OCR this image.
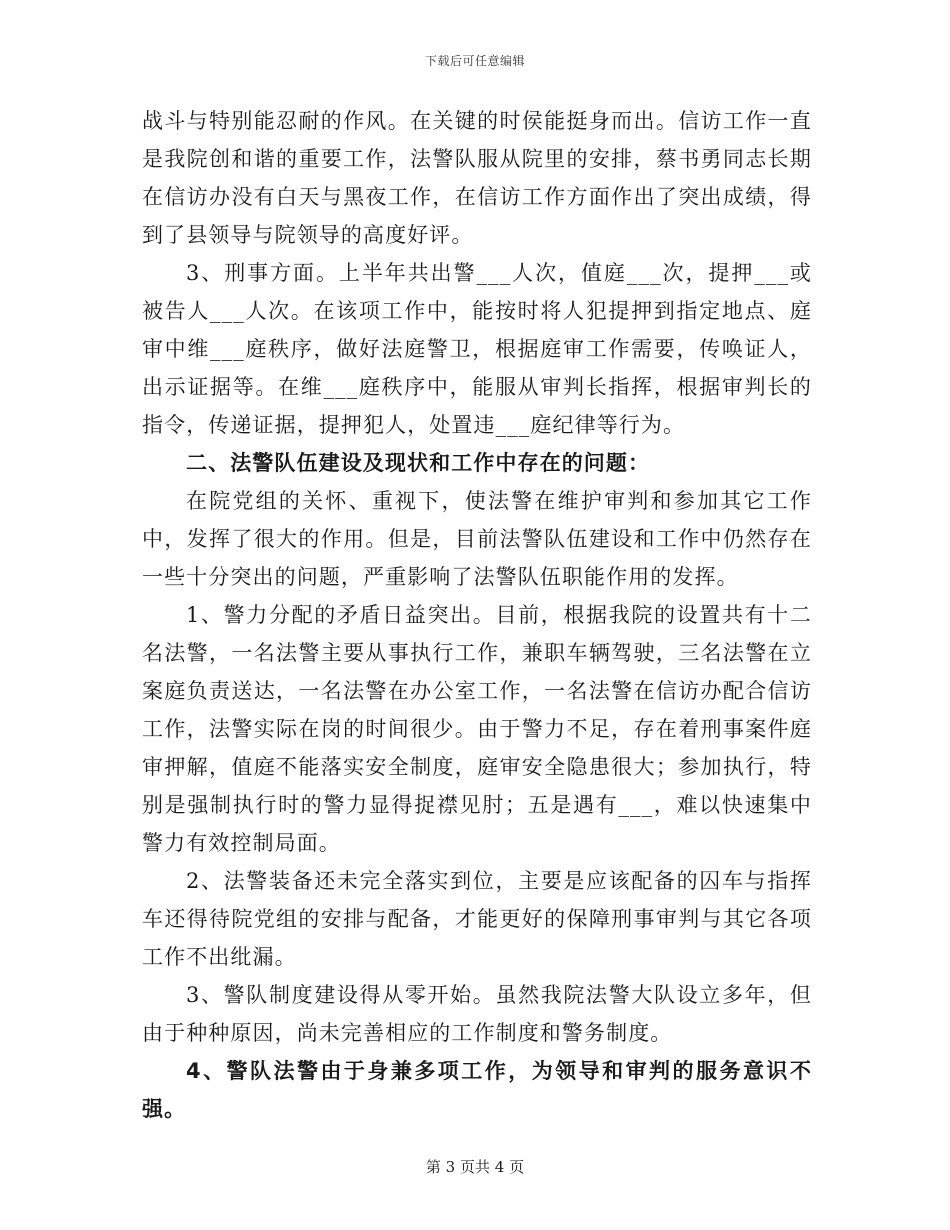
下载后可任意编辑

战斗与特别能忍耐的作风。在关键的时侯能挺身而出。信访工作一直是我院创和谐的重要工作，法警队服从院里的安排，蔡书勇同志长期在信访办没有白天与黑夜工作，在信访工作方面作出了突出成绩，得到了县领导与院领导的高度好评。

3、刑事方面。上半年共出警___人次，值庭___次，提押___或被告人___人次。在该项工作中，能按时将人犯提押到指定地点、庭审中维___庭秩序，做好法庭警卫，根据庭审工作需要，传唤证人，出示证据等。在维___庭秩序中，能服从审判长指挥，根据审判长的指令，传递证据，提押犯人，处置违___庭纪律等行为。

二、法警队伍建设及现状和工作中存在的问题：

在院党组的关怀、重视下，使法警在维护审判和参加其它工作中，发挥了很大的作用。但是，目前法警队伍建设和工作中仍然存在一些十分突出的问题，严重影响了法警队伍职能作用的发挥。

1、警力分配的矛盾日益突出。目前，根据我院的设置共有十二名法警，一名法警主要从事执行工作，兼职车辆驾驶，三名法警在立案庭负责送达，一名法警在办公室工作，一名法警在信访办配合信访工作，法警实际在岗的时间很少。由于警力不足，存在着刑事案件庭审押解，值庭不能落实安全制度，庭审安全隐患很大；参加执行，特别是强制执行时的警力显得捉襟见肘；五是遇有___，难以快速集中警力有效控制局面。

2、法警装备还未完全落实到位，主要是应该配备的囚车与指挥车还得待院党组的安排与配备，才能更好的保障刑事审判与其它各项工作不出纰漏。

3、警队制度建设得从零开始。虽然我院法警大队设立多年，但由于种种原因，尚未完善相应的工作制度和警务制度。

4、警队法警由于身兼多项工作，为领导和审判的服务意识不强。

第 3 页共 4 页
